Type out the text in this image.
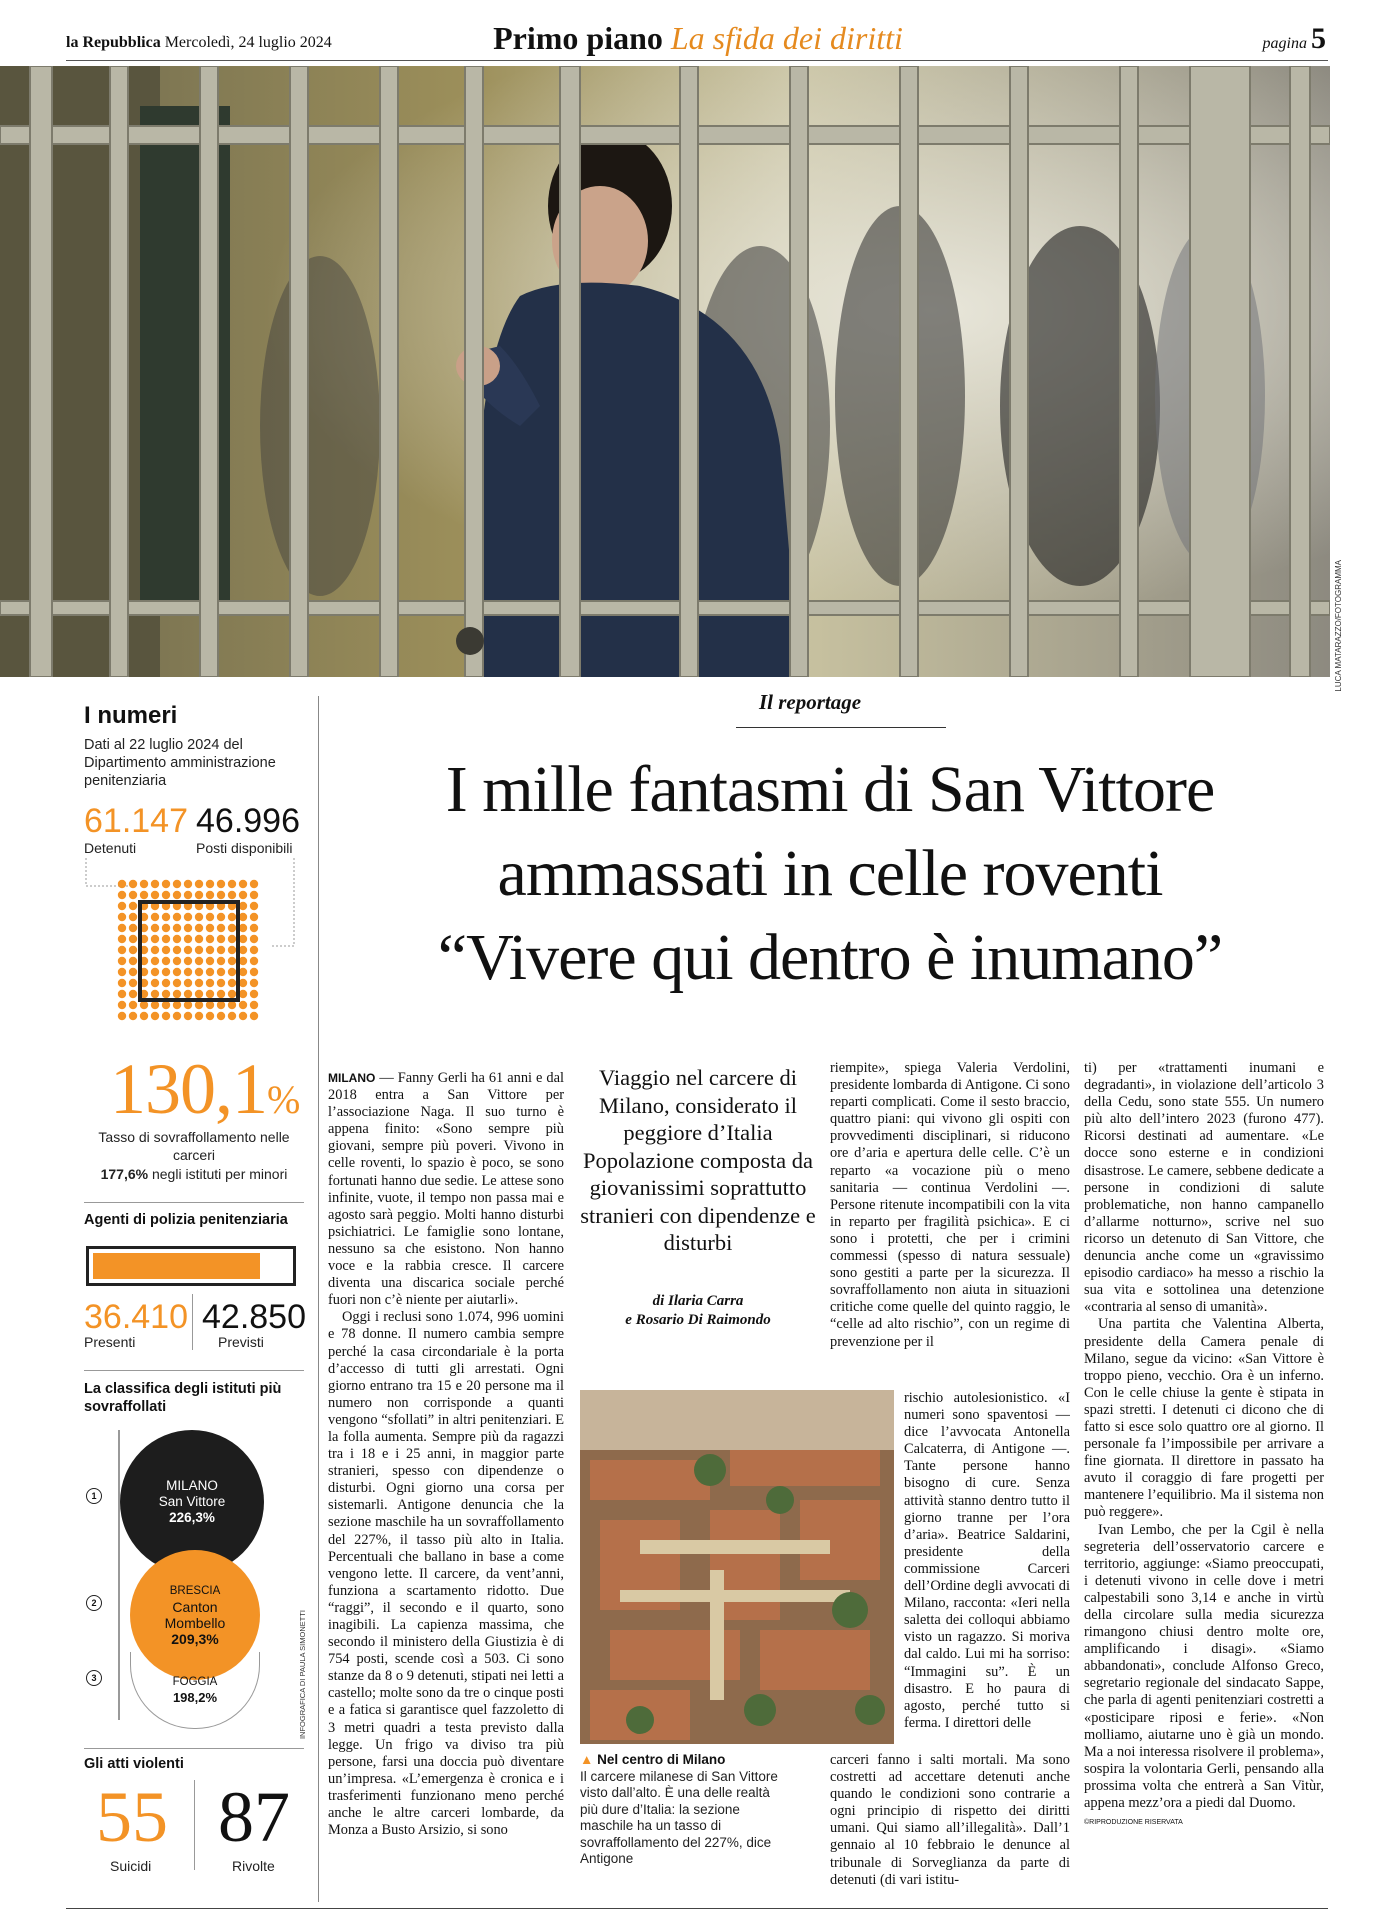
la Repubblica Mercoledì, 24 luglio 2024	Primo piano La sfida dei diritti	pagina 5
LUCA MATARAZZO/FOTOGRAMMA
I numeri
Dati al 22 luglio 2024 del Dipartimento amministrazione penitenziaria
61.147
Detenuti
46.996
Posti disponibili
130,1%
Tasso di sovraffollamento nelle carceri
177,6% negli istituti per minori
Agenti di polizia penitenziaria
36.410
Presenti
42.850
Previsti
La classifica degli istituti più sovraffollati
1
MILANO
San Vittore
226,3%
2
BRESCIA
Canton Mombello
209,3%
3	FOGGIA
198,2%	INFOGRAFICA DI PAULA SIMONETTI
Gli atti violenti
55
Suicidi
87
Rivolte
Il reportage
I mille fantasmi di San Vittore
ammassati in celle roventi
“Vivere qui dentro è inumano”
MILANO — Fanny Gerli ha 61 anni e dal 2018 entra a San Vittore per l’associazione Naga. Il suo turno è appena finito: «Sono sempre più giovani, sempre più poveri. Vivono in celle roventi, lo spazio è poco, se sono fortunati hanno due sedie. Le attese sono infinite, vuote, il tempo non passa mai e agosto sarà peggio. Molti hanno disturbi psichiatrici. Le famiglie sono lontane, nessuno sa che esistono. Non hanno voce e la rabbia cresce. Il carcere diventa una discarica sociale perché fuori non c’è niente per aiutarli».
Oggi i reclusi sono 1.074, 996 uomini e 78 donne. Il numero cambia sempre perché la casa circondariale è la porta d’accesso di tutti gli arrestati. Ogni giorno entrano tra 15 e 20 persone ma il numero non corrisponde a quanti vengono “sfollati” in altri penitenziari. E la folla aumenta. Sempre più da ragazzi tra i 18 e i 25 anni, in maggior parte stranieri, spesso con dipendenze o disturbi. Ogni giorno una corsa per sistemarli. Antigone denuncia che la sezione maschile ha un sovraffollamento del 227%, il tasso più alto in Italia. Percentuali che ballano in base a come vengono lette. Il carcere, da vent’anni, funziona a scartamento ridotto. Due “raggi”, il secondo e il quarto, sono inagibili. La capienza massima, che secondo il ministero della Giustizia è di 754 posti, scende così a 503. Ci sono stanze da 8 o 9 detenuti, stipati nei letti a castello; molte sono da tre o cinque posti e a fatica si garantisce quel fazzoletto di 3 metri quadri a testa previsto dalla legge. Un frigo va diviso tra più persone, farsi una doccia può diventare un’impresa. «L’emergenza è cronica e i trasferimenti funzionano meno perché anche le altre carceri lombarde, da Monza a Busto Arsizio, si sono
Viaggio nel carcere di Milano, considerato il peggiore d’Italia Popolazione composta da giovanissimi soprattutto stranieri con dipendenze e disturbi
di Ilaria Carra
e Rosario Di Raimondo
▲ Nel centro di Milano
Il carcere milanese di San Vittore visto dall’alto. È una delle realtà più dure d’Italia: la sezione maschile ha un tasso di sovraffollamento del 227%, dice Antigone
riempite», spiega Valeria Verdolini, presidente lombarda di Antigone. Ci sono reparti complicati. Come il sesto braccio, quattro piani: qui vivono gli ospiti con provvedimenti disciplinari, si riducono ore d’aria e apertura delle celle. C’è un reparto «a vocazione più o meno sanitaria — continua Verdolini —. Persone ritenute incompatibili con la vita in reparto per fragilità psichica». E ci sono i protetti, che per i crimini commessi (spesso di natura sessuale) sono gestiti a parte per la sicurezza. Il sovraffollamento non aiuta in situazioni critiche come quelle del quinto raggio, le “celle ad alto rischio”, con un regime di prevenzione per il
rischio autolesionistico. «I numeri sono spaventosi — dice l’avvocata Antonella Calcaterra, di Antigone —. Tante persone hanno bisogno di cure. Senza attività stanno dentro tutto il giorno tranne per l’ora d’aria». Beatrice Saldarini, presidente della commissione Carceri dell’Ordine degli avvocati di Milano, racconta: «Ieri nella saletta dei colloqui abbiamo visto un ragazzo. Si moriva dal caldo. Lui mi ha sorriso: “Immagini su”. È un disastro. E ho paura di agosto, perché tutto si ferma. I direttori delle
carceri fanno i salti mortali. Ma sono costretti ad accettare detenuti anche quando le condizioni sono contrarie a ogni principio di rispetto dei diritti umani. Qui siamo all’illegalità». Dall’1 gennaio al 10 febbraio le denunce al tribunale di Sorveglianza da parte di detenuti (di vari istitu-
ti) per «trattamenti inumani e degradanti», in violazione dell’articolo 3 della Cedu, sono state 555. Un numero più alto dell’intero 2023 (furono 477). Ricorsi destinati ad aumentare. «Le docce sono esterne e in condizioni disastrose. Le camere, sebbene dedicate a persone in condizioni di salute problematiche, non hanno campanello d’allarme notturno», scrive nel suo ricorso un detenuto di San Vittore, che denuncia anche come un «gravissimo episodio cardiaco» ha messo a rischio la sua vita e sottolinea una detenzione «contraria al senso di umanità».
Una partita che Valentina Alberta, presidente della Camera penale di Milano, segue da vicino: «San Vittore è troppo pieno, vecchio. Ora è un inferno. Con le celle chiuse la gente è stipata in spazi stretti. I detenuti ci dicono che di fatto si esce solo quattro ore al giorno. Il personale fa l’impossibile per arrivare a fine giornata. Il direttore in passato ha avuto il coraggio di fare progetti per mantenere l’equilibrio. Ma il sistema non può reggere».
Ivan Lembo, che per la Cgil è nella segreteria dell’osservatorio carcere e territorio, aggiunge: «Siamo preoccupati, i detenuti vivono in celle dove i metri calpestabili sono 3,14 e anche in virtù della circolare sulla media sicurezza rimangono chiusi dentro molte ore, amplificando i disagi». «Siamo abbandonati», conclude Alfonso Greco, segretario regionale del sindacato Sappe, che parla di agenti penitenziari costretti a «posticipare riposi e ferie». «Non molliamo, aiutarne uno è già un mondo. Ma a noi interessa risolvere il problema», sospira la volontaria Gerli, pensando alla prossima volta che entrerà a San Vitùr, appena mezz’ora a piedi dal Duomo.
©RIPRODUZIONE RISERVATA
